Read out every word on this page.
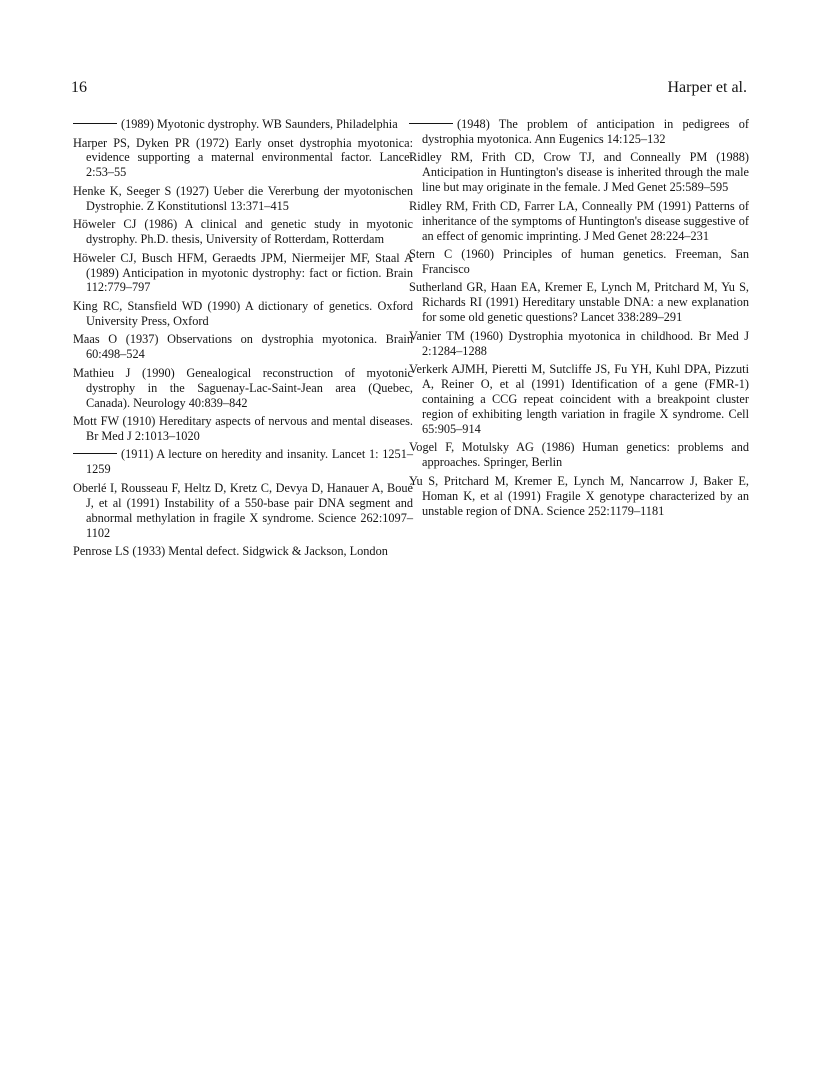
16	Harper et al.

(1989) Myotonic dystrophy. WB Saunders, Philadelphia

Harper PS, Dyken PR (1972) Early onset dystrophia myotonica: evidence supporting a maternal environmental factor. Lancet 2:53–55

Henke K, Seeger S (1927) Ueber die Vererbung der myotonischen Dystrophie. Z Konstitutionsl 13:371–415

Höweler CJ (1986) A clinical and genetic study in myotonic dystrophy. Ph.D. thesis, University of Rotterdam, Rotterdam

Höweler CJ, Busch HFM, Geraedts JPM, Niermeijer MF, Staal A (1989) Anticipation in myotonic dystrophy: fact or fiction. Brain 112:779–797

King RC, Stansfield WD (1990) A dictionary of genetics. Oxford University Press, Oxford

Maas O (1937) Observations on dystrophia myotonica. Brain 60:498–524

Mathieu J (1990) Genealogical reconstruction of myotonic dystrophy in the Saguenay-Lac-Saint-Jean area (Quebec, Canada). Neurology 40:839–842

Mott FW (1910) Hereditary aspects of nervous and mental diseases. Br Med J 2:1013–1020

(1911) A lecture on heredity and insanity. Lancet 1: 1251–1259

Oberlé I, Rousseau F, Heltz D, Kretz C, Devya D, Hanauer A, Boué J, et al (1991) Instability of a 550-base pair DNA segment and abnormal methylation in fragile X syndrome. Science 262:1097–1102

Penrose LS (1933) Mental defect. Sidgwick & Jackson, London

(1948) The problem of anticipation in pedigrees of dystrophia myotonica. Ann Eugenics 14:125–132

Ridley RM, Frith CD, Crow TJ, and Conneally PM (1988) Anticipation in Huntington's disease is inherited through the male line but may originate in the female. J Med Genet 25:589–595

Ridley RM, Frith CD, Farrer LA, Conneally PM (1991) Patterns of inheritance of the symptoms of Huntington's disease suggestive of an effect of genomic imprinting. J Med Genet 28:224–231

Stern C (1960) Principles of human genetics. Freeman, San Francisco

Sutherland GR, Haan EA, Kremer E, Lynch M, Pritchard M, Yu S, Richards RI (1991) Hereditary unstable DNA: a new explanation for some old genetic questions? Lancet 338:289–291

Vanier TM (1960) Dystrophia myotonica in childhood. Br Med J 2:1284–1288

Verkerk AJMH, Pieretti M, Sutcliffe JS, Fu YH, Kuhl DPA, Pizzuti A, Reiner O, et al (1991) Identification of a gene (FMR-1) containing a CCG repeat coincident with a breakpoint cluster region of exhibiting length variation in fragile X syndrome. Cell 65:905–914

Vogel F, Motulsky AG (1986) Human genetics: problems and approaches. Springer, Berlin

Yu S, Pritchard M, Kremer E, Lynch M, Nancarrow J, Baker E, Homan K, et al (1991) Fragile X genotype characterized by an unstable region of DNA. Science 252:1179–1181
